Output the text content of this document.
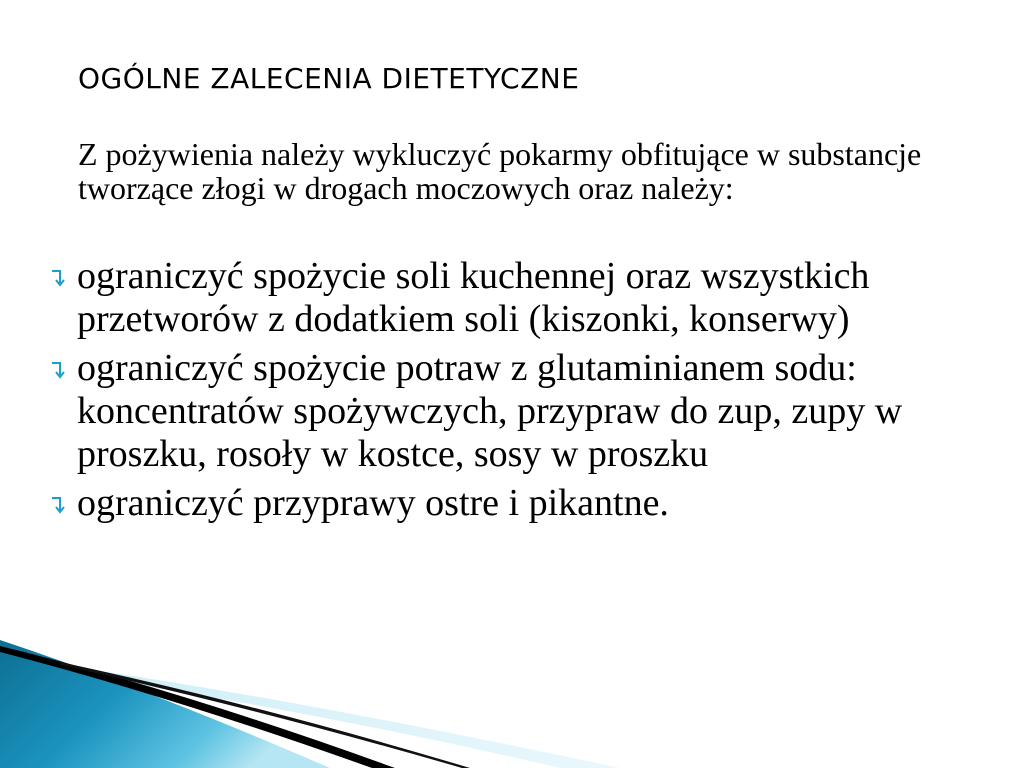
OGÓLNE ZALECENIA DIETETYCZNE
Z pożywienia należy wykluczyć pokarmy obfitujące w substancje tworzące złogi w drogach moczowych oraz należy:
ograniczyć spożycie soli kuchennej oraz wszystkich przetworów z dodatkiem soli (kiszonki, konserwy)
ograniczyć spożycie potraw z glutaminianem sodu: koncentratów spożywczych, przypraw do zup, zupy w proszku, rosoły w kostce, sosy w proszku
ograniczyć przyprawy ostre i pikantne.
